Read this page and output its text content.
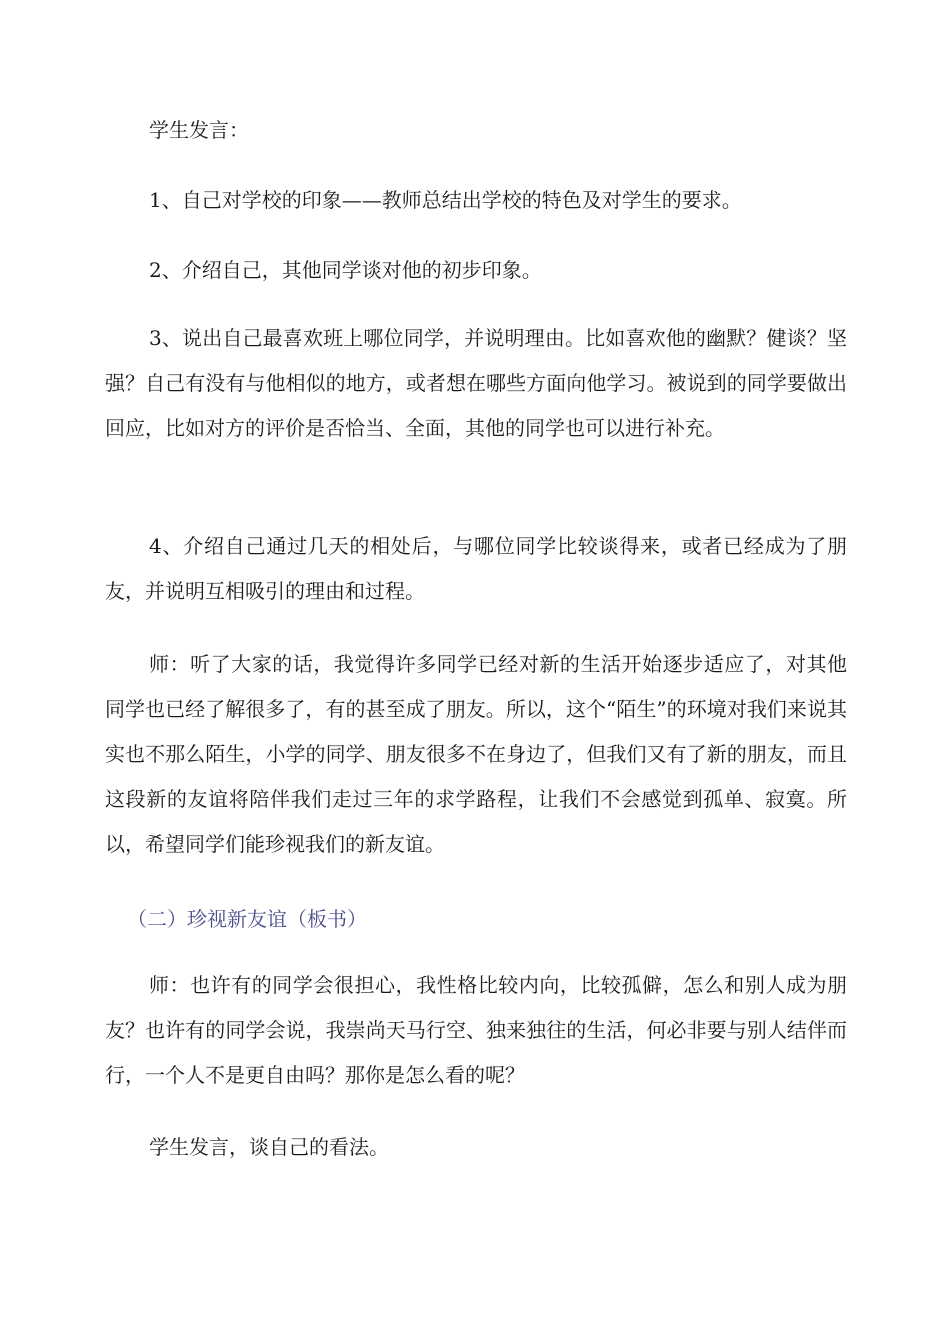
学生发言：

1、自己对学校的印象——教师总结出学校的特色及对学生的要求。

2、介绍自己，其他同学谈对他的初步印象。

3、说出自己最喜欢班上哪位同学，并说明理由。比如喜欢他的幽默？健谈？坚强？自己有没有与他相似的地方，或者想在哪些方面向他学习。被说到的同学要做出回应，比如对方的评价是否恰当、全面，其他的同学也可以进行补充。

4、介绍自己通过几天的相处后，与哪位同学比较谈得来，或者已经成为了朋友，并说明互相吸引的理由和过程。

师：听了大家的话，我觉得许多同学已经对新的生活开始逐步适应了，对其他同学也已经了解很多了，有的甚至成了朋友。所以，这个“陌生”的环境对我们来说其实也不那么陌生，小学的同学、朋友很多不在身边了，但我们又有了新的朋友，而且这段新的友谊将陪伴我们走过三年的求学路程，让我们不会感觉到孤单、寂寞。所以，希望同学们能珍视我们的新友谊。

（二）珍视新友谊（板书）

师：也许有的同学会很担心，我性格比较内向，比较孤僻，怎么和别人成为朋友？也许有的同学会说，我崇尚天马行空、独来独往的生活，何必非要与别人结伴而行，一个人不是更自由吗？那你是怎么看的呢？

学生发言，谈自己的看法。
